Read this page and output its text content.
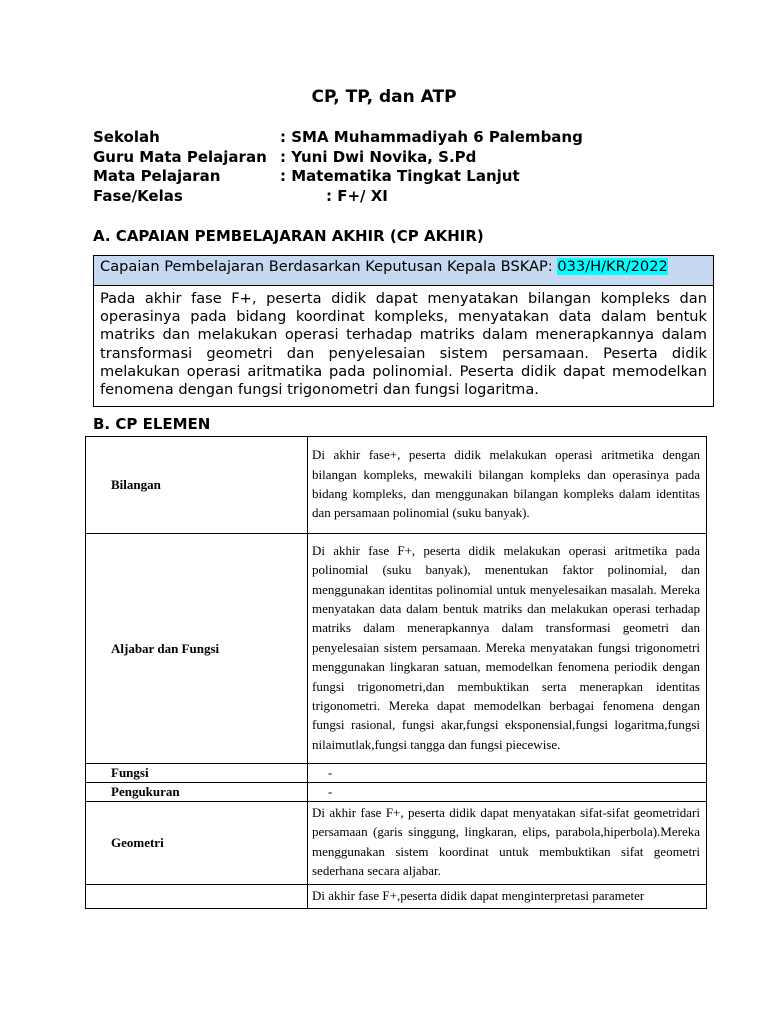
CP, TP, dan ATP
Sekolah	: SMA Muhammadiyah 6 Palembang
Guru Mata Pelajaran : Yuni Dwi Novika, S.Pd
Mata Pelajaran	: Matematika Tingkat Lanjut
Fase/Kelas	: F+/ XI
A. CAPAIAN PEMBELAJARAN AKHIR (CP AKHIR)
Capaian Pembelajaran Berdasarkan Keputusan Kepala BSKAP: 033/H/KR/2022
Pada akhir fase F+, peserta didik dapat menyatakan bilangan kompleks dan operasinya pada bidang koordinat kompleks, menyatakan data dalam bentuk matriks dan melakukan operasi terhadap matriks dalam menerapkannya dalam transformasi geometri dan penyelesaian sistem persamaan. Peserta didik melakukan operasi aritmatika pada polinomial. Peserta didik dapat memodelkan fenomena dengan fungsi trigonometri dan fungsi logaritma.
B. CP ELEMEN
Bilangan	Di akhir fase+, peserta didik melakukan operasi aritmetika dengan bilangan kompleks, mewakili bilangan kompleks dan operasinya pada bidang kompleks, dan menggunakan bilangan kompleks dalam identitas dan persamaan polinomial (suku banyak).
Aljabar dan Fungsi	Di akhir fase F+, peserta didik melakukan operasi aritmetika pada polinomial (suku banyak), menentukan faktor polinomial, dan menggunakan identitas polinomial untuk menyelesaikan masalah. Mereka menyatakan data dalam bentuk matriks dan melakukan operasi terhadap matriks dalam menerapkannya dalam transformasi geometri dan penyelesaian sistem persamaan. Mereka menyatakan fungsi trigonometri menggunakan lingkaran satuan, memodelkan fenomena periodik dengan fungsi trigonometri,dan membuktikan serta menerapkan identitas trigonometri. Mereka dapat memodelkan berbagai fenomena dengan fungsi rasional, fungsi akar,fungsi eksponensial,fungsi logaritma,fungsi nilaimutlak,fungsi tangga dan fungsi piecewise.
Fungsi	-
Pengukuran	-
Geometri	Di akhir fase F+, peserta didik dapat menyatakan sifat-sifat geometridari persamaan (garis singgung, lingkaran, elips, parabola,hiperbola).Mereka menggunakan sistem koordinat untuk membuktikan sifat geometri sederhana secara aljabar.
	Di akhir fase F+,peserta didik dapat menginterpretasi parameter
